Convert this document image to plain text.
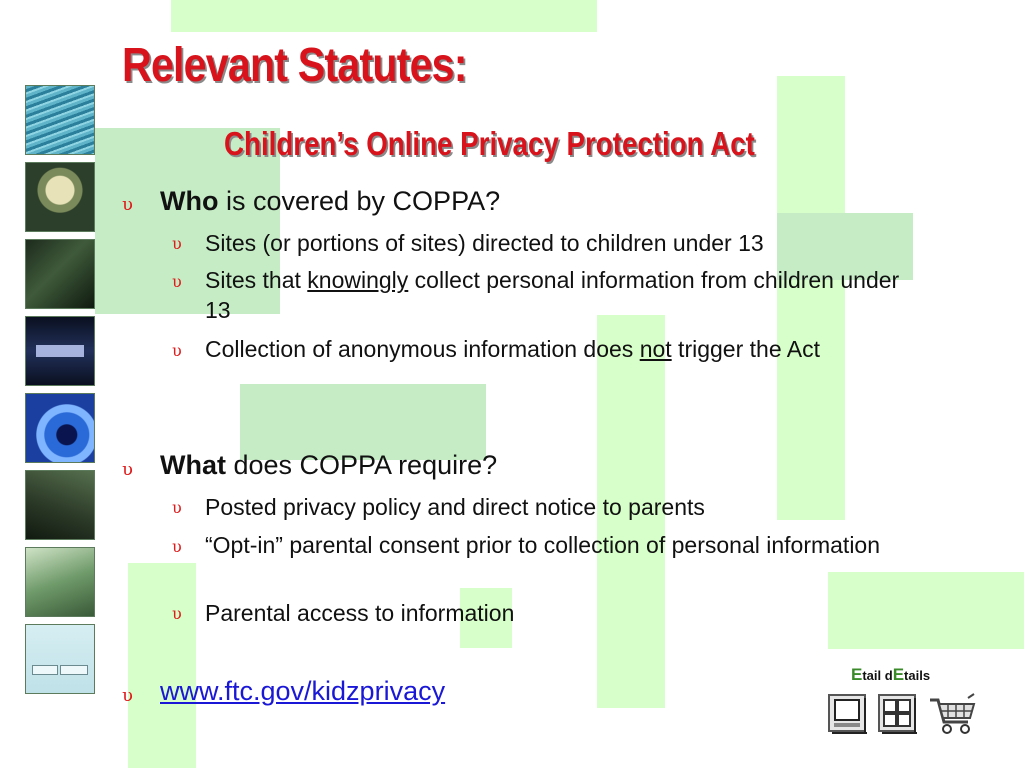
Relevant Statutes:
Children’s Online Privacy Protection Act
υ Who is covered by COPPA?
υ Sites (or portions of sites) directed to children under 13
υ Sites that knowingly collect personal information from children under 13
υ Collection of anonymous information does not trigger the Act
υ What does COPPA require?
υ Posted privacy policy and direct notice to parents
υ “Opt-in” parental consent prior to collection of personal information
υ Parental access to information
υ www.ftc.gov/kidzprivacy
Etail dEtails
